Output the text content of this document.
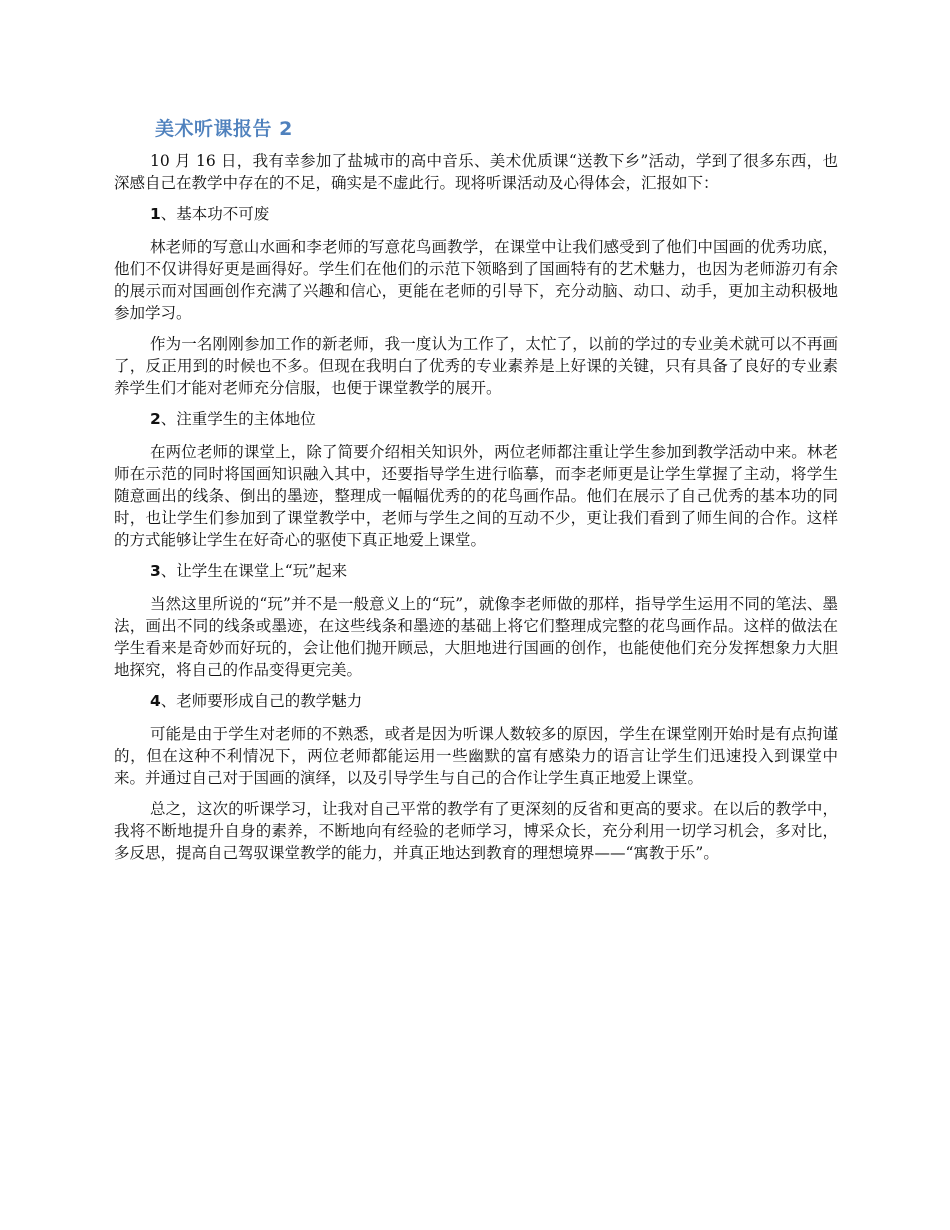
美术听课报告 2

10 月 16 日，我有幸参加了盐城市的高中音乐、美术优质课“送教下乡”活动，学到了很多东西，也深感自己在教学中存在的不足，确实是不虚此行。现将听课活动及心得体会，汇报如下：

1、基本功不可废

林老师的写意山水画和李老师的写意花鸟画教学，在课堂中让我们感受到了他们中国画的优秀功底，他们不仅讲得好更是画得好。学生们在他们的示范下领略到了国画特有的艺术魅力，也因为老师游刃有余的展示而对国画创作充满了兴趣和信心，更能在老师的引导下，充分动脑、动口、动手，更加主动积极地参加学习。

作为一名刚刚参加工作的新老师，我一度认为工作了，太忙了，以前的学过的专业美术就可以不再画了，反正用到的时候也不多。但现在我明白了优秀的专业素养是上好课的关键，只有具备了良好的专业素养学生们才能对老师充分信服，也便于课堂教学的展开。

2、注重学生的主体地位

在两位老师的课堂上，除了简要介绍相关知识外，两位老师都注重让学生参加到教学活动中来。林老师在示范的同时将国画知识融入其中，还要指导学生进行临摹，而李老师更是让学生掌握了主动，将学生随意画出的线条、倒出的墨迹，整理成一幅幅优秀的的花鸟画作品。他们在展示了自己优秀的基本功的同时，也让学生们参加到了课堂教学中，老师与学生之间的互动不少，更让我们看到了师生间的合作。这样的方式能够让学生在好奇心的驱使下真正地爱上课堂。

3、让学生在课堂上“玩”起来

当然这里所说的“玩”并不是一般意义上的“玩”，就像李老师做的那样，指导学生运用不同的笔法、墨法，画出不同的线条或墨迹，在这些线条和墨迹的基础上将它们整理成完整的花鸟画作品。这样的做法在学生看来是奇妙而好玩的，会让他们抛开顾忌，大胆地进行国画的创作，也能使他们充分发挥想象力大胆地探究，将自己的作品变得更完美。

4、老师要形成自己的教学魅力

可能是由于学生对老师的不熟悉，或者是因为听课人数较多的原因，学生在课堂刚开始时是有点拘谨的，但在这种不利情况下，两位老师都能运用一些幽默的富有感染力的语言让学生们迅速投入到课堂中来。并通过自己对于国画的演绎，以及引导学生与自己的合作让学生真正地爱上课堂。

总之，这次的听课学习，让我对自己平常的教学有了更深刻的反省和更高的要求。在以后的教学中，我将不断地提升自身的素养，不断地向有经验的老师学习，博采众长，充分利用一切学习机会，多对比，多反思，提高自己驾驭课堂教学的能力，并真正地达到教育的理想境界——“寓教于乐”。
